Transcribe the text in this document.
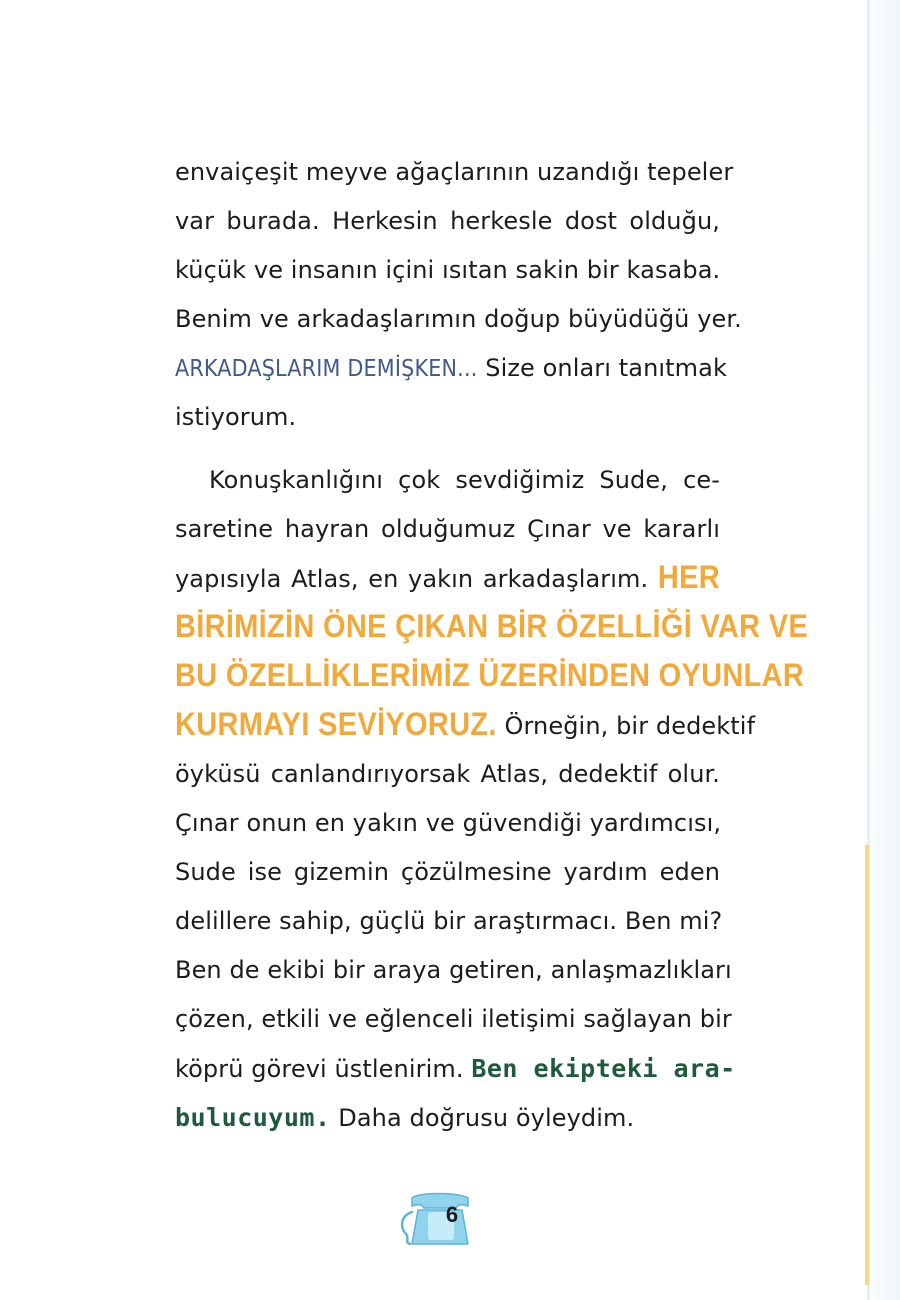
envaiçeşit meyve ağaçlarının uzandığı tepeler
var burada. Herkesin herkesle dost olduğu,
küçük ve insanın içini ısıtan sakin bir kasaba.
Benim ve arkadaşlarımın doğup büyüdüğü yer.
ARKADAŞLARIM DEMİŞKEN... Size onları tanıtmak
istiyorum.
Konuşkanlığını çok sevdiğimiz Sude, ce-
saretine hayran olduğumuz Çınar ve kararlı
yapısıyla Atlas, en yakın arkadaşlarım. HER
BİRİMİZİN ÖNE ÇIKAN BİR ÖZELLİĞİ VAR VE
BU ÖZELLİKLERİMİZ ÜZERİNDEN OYUNLAR
KURMAYI SEVİYORUZ. Örneğin, bir dedektif
öyküsü canlandırıyorsak Atlas, dedektif olur.
Çınar onun en yakın ve güvendiği yardımcısı,
Sude ise gizemin çözülmesine yardım eden
delillere sahip, güçlü bir araştırmacı. Ben mi?
Ben de ekibi bir araya getiren, anlaşmazlıkları
çözen, etkili ve eğlenceli iletişimi sağlayan bir
köprü görevi üstlenirim. Ben ekipteki ara-
bulucuyum. Daha doğrusu öyleydim.
6
